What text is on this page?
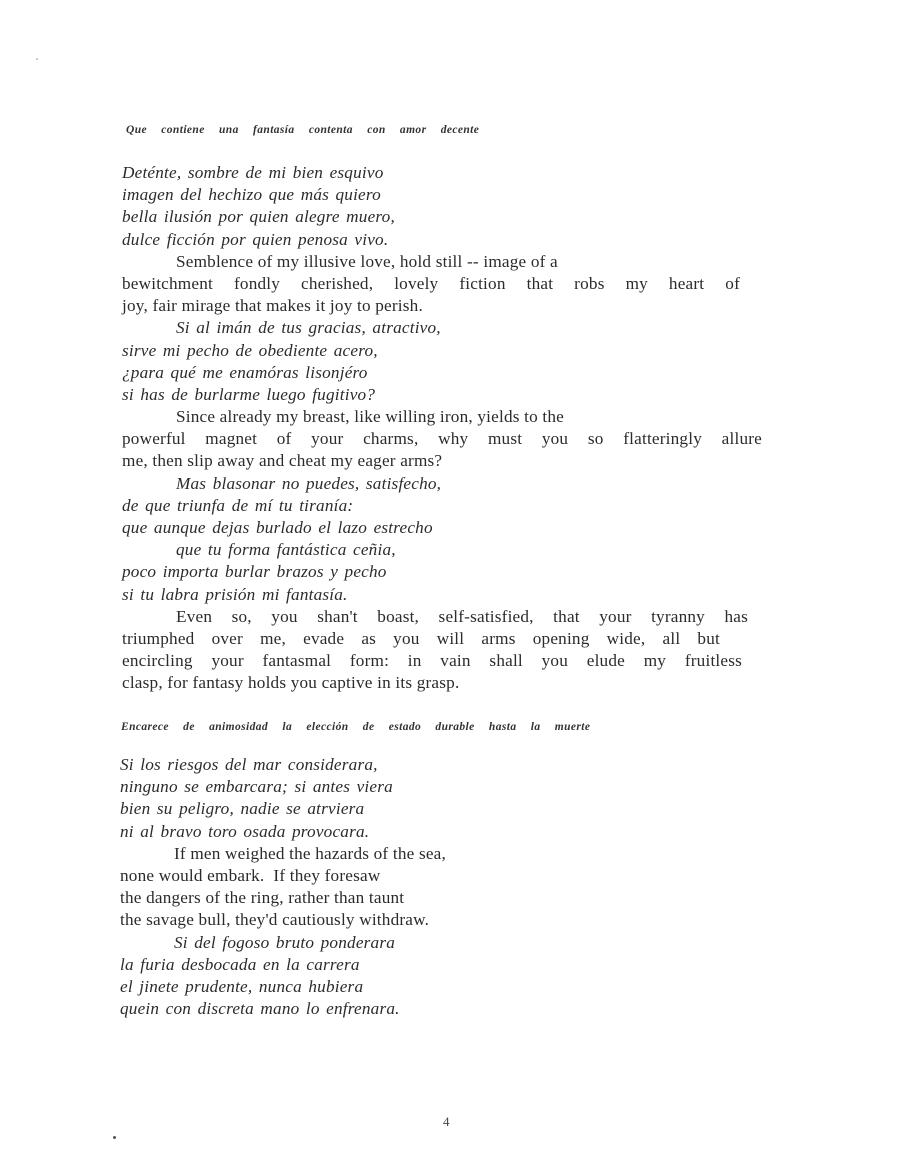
Que contiene una fantasía contenta con amor decente
Deténte, sombre de mi bien esquivo
imagen del hechizo que más quiero
bella ilusión por quien alegre muero,
dulce ficción por quien penosa vivo.
Semblence of my illusive love, hold still -- image of a
bewitchment fondly cherished, lovely fiction that robs my heart of
joy, fair mirage that makes it joy to perish.
Si al imán de tus gracias, atractivo,
sirve mi pecho de obediente acero,
¿para qué me enamóras lisonjéro
si has de burlarme luego fugitivo?
Since already my breast, like willing iron, yields to the
powerful magnet of your charms, why must you so flatteringly allure
me, then slip away and cheat my eager arms?
Mas blasonar no puedes, satisfecho,
de que triunfa de mí tu tiranía:
que aunque dejas burlado el lazo estrecho
que tu forma fantástica ceñia,
poco importa burlar brazos y pecho
si tu labra prisión mi fantasía.
Even so, you shan't boast, self-satisfied, that your tyranny has
triumphed over me, evade as you will arms opening wide, all but
encircling your fantasmal form: in vain shall you elude my fruitless
clasp, for fantasy holds you captive in its grasp.
Encarece de animosidad la elección de estado durable hasta la muerte
Si los riesgos del mar considerara,
ninguno se embarcara; si antes viera
bien su peligro, nadie se atrviera
ni al bravo toro osada provocara.
If men weighed the hazards of the sea,
none would embark.  If they foresaw
the dangers of the ring, rather than taunt
the savage bull, they'd cautiously withdraw.
Si del fogoso bruto ponderara
la furia desbocada en la carrera
el jinete prudente, nunca hubiera
quein con discreta mano lo enfrenara.
4
